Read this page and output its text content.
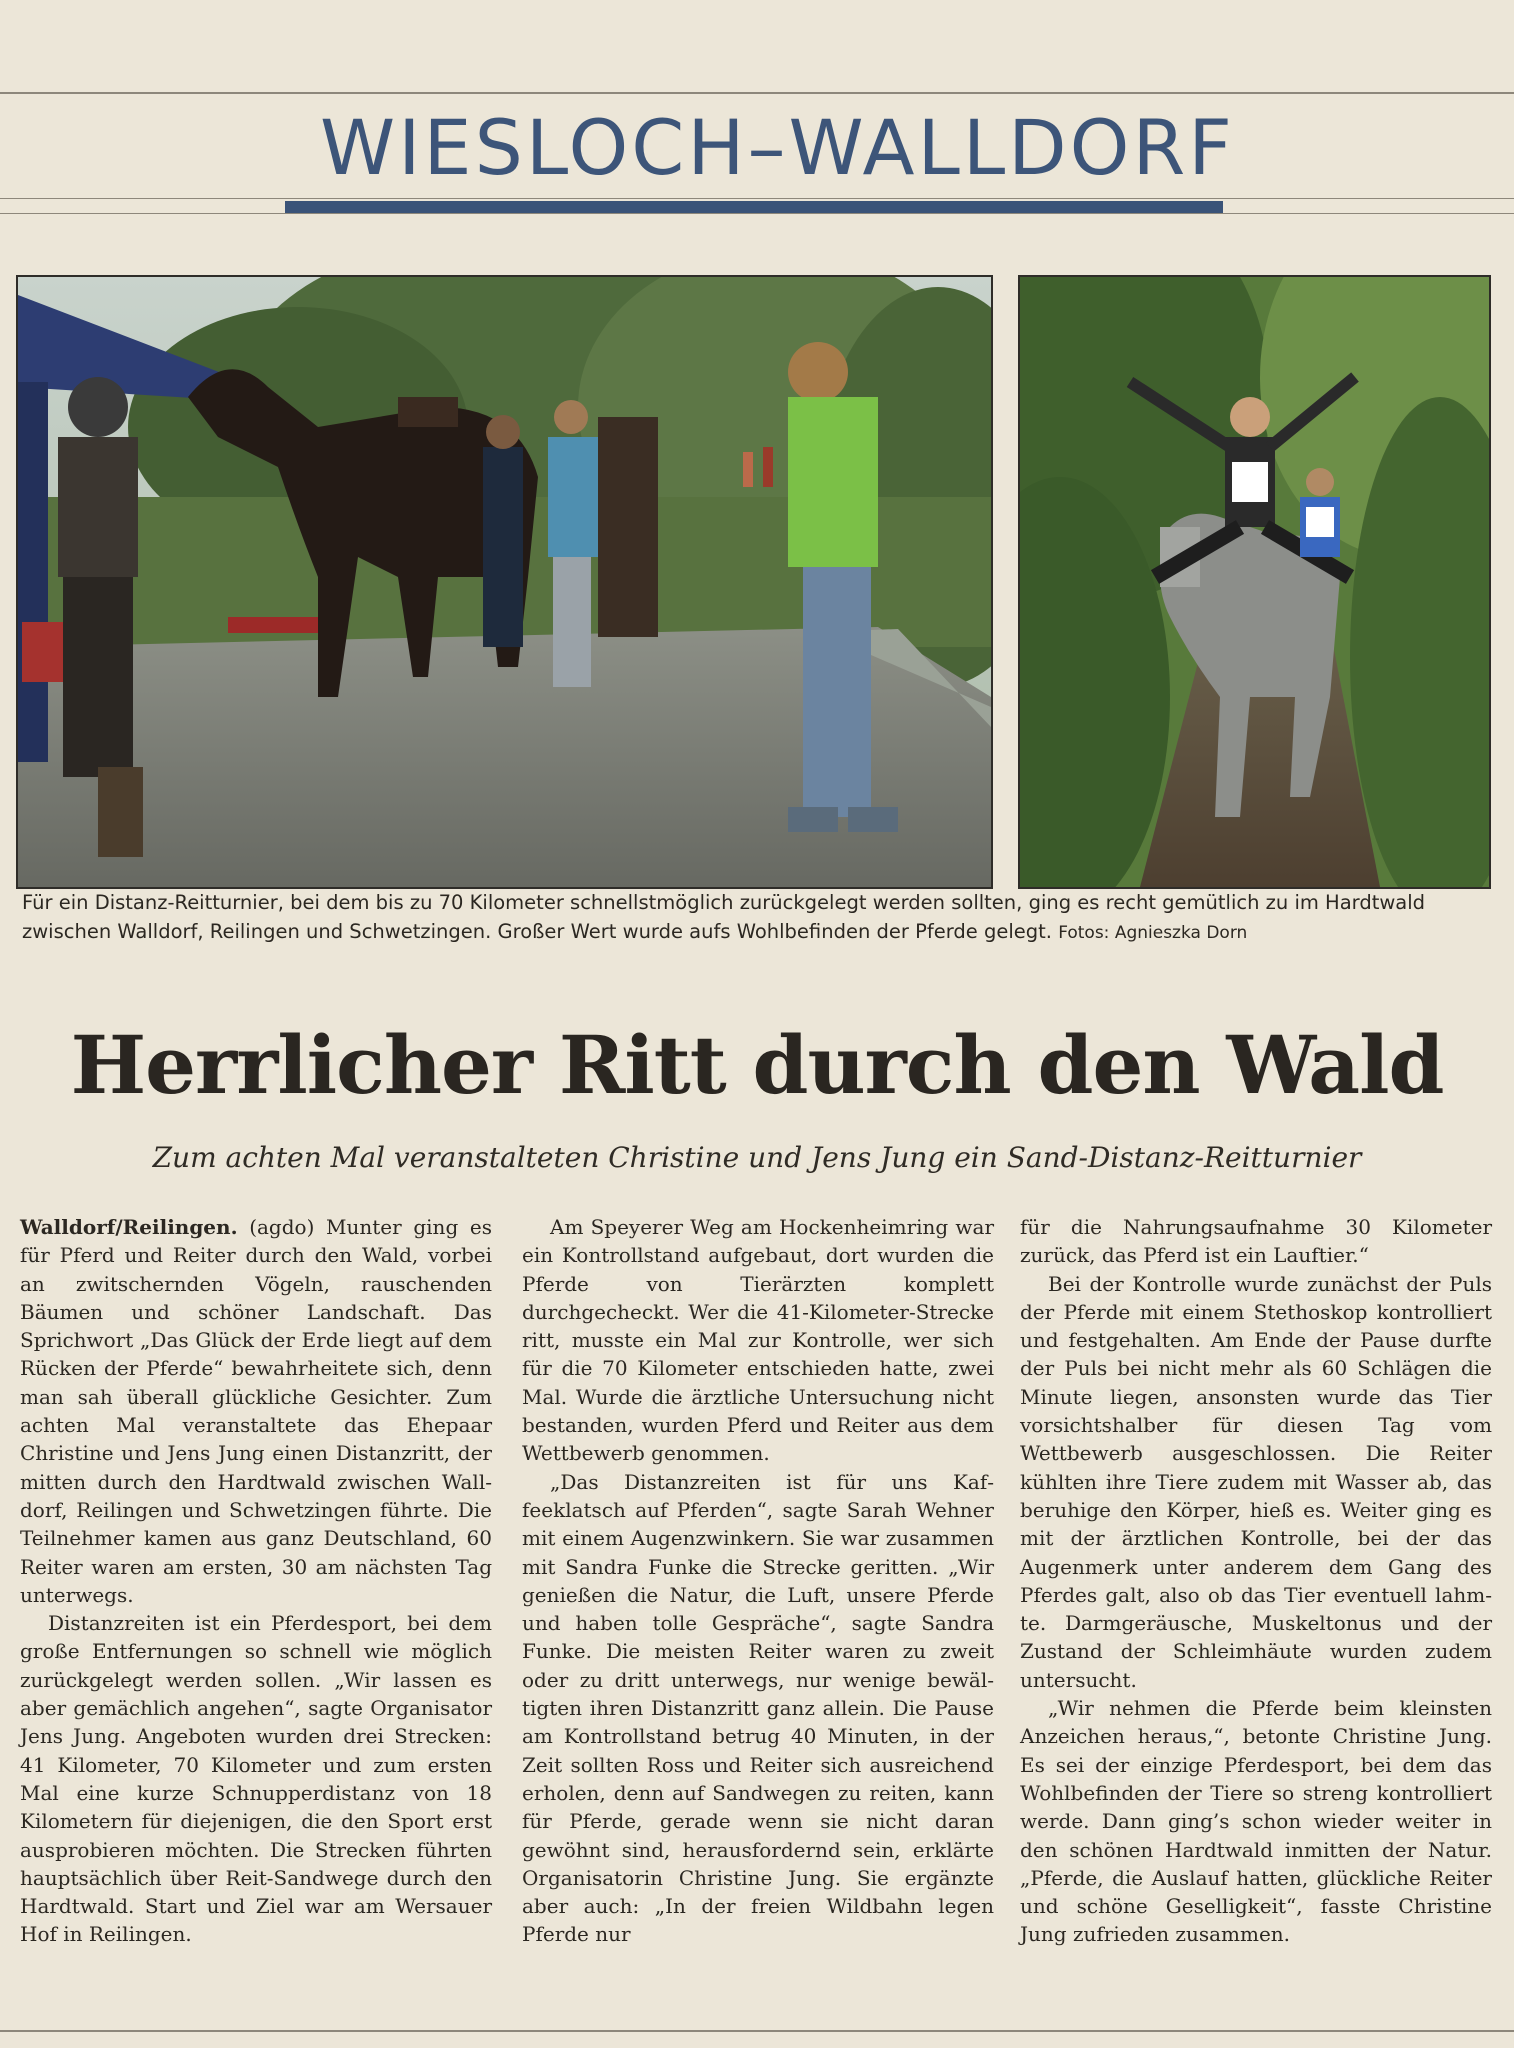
WIESLOCH–WALLDORF
Für ein Distanz-Reitturnier, bei dem bis zu 70 Kilometer schnellstmöglich zurückgelegt werden sollten, ging es recht gemütlich zu im Hardtwald zwischen Walldorf, Reilingen und Schwetzingen. Großer Wert wurde aufs Wohlbefinden der Pferde gelegt. Fotos: Agnieszka Dorn
Herrlicher Ritt durch den Wald
Zum achten Mal veranstalteten Christine und Jens Jung ein Sand-Distanz-Reitturnier

Walldorf/Reilingen. (agdo) Munter ging es für Pferd und Reiter durch den Wald, vorbei an zwitschernden Vögeln, rauschenden Bäumen und schöner Landschaft. Das Sprichwort „Das Glück der Erde liegt auf dem Rücken der Pferde“ bewahrheitete sich, denn man sah überall glückliche Gesichter. Zum achten Mal veranstaltete das Ehepaar Christine und Jens Jung einen Distanzritt, der mitten durch den Hardtwald zwischen Walldorf, Reilingen und Schwetzingen führte. Die Teilnehmer kamen aus ganz Deutschland, 60 Reiter waren am ersten, 30 am nächsten Tag unterwegs.

Distanzreiten ist ein Pferdesport, bei dem große Entfernungen so schnell wie möglich zurückgelegt werden sollen. „Wir lassen es aber gemächlich angehen“, sagte Organisator Jens Jung. Angeboten wurden drei Strecken: 41 Kilometer, 70 Kilometer und zum ersten Mal eine kurze Schnupperdistanz von 18 Kilometern für diejenigen, die den Sport erst ausprobieren möchten. Die Strecken führten hauptsächlich über Reit-Sandwege durch den Hardtwald. Start und Ziel war am Wersauer Hof in Reilingen.

Am Speyerer Weg am Hockenheimring war ein Kontrollstand aufgebaut, dort wurden die Pferde von Tierärzten komplett durchgecheckt. Wer die 41-Kilometer-Strecke ritt, musste ein Mal zur Kontrolle, wer sich für die 70 Kilometer entschieden hatte, zwei Mal. Wurde die ärztliche Untersuchung nicht bestanden, wurden Pferd und Reiter aus dem Wettbewerb genommen.

„Das Distanzreiten ist für uns Kaffeeklatsch auf Pferden“, sagte Sarah Wehner mit einem Augenzwinkern. Sie war zusammen mit Sandra Funke die Strecke geritten. „Wir genießen die Natur, die Luft, unsere Pferde und haben tolle Gespräche“, sagte Sandra Funke. Die meisten Reiter waren zu zweit oder zu dritt unterwegs, nur wenige bewältigten ihren Distanzritt ganz allein. Die Pause am Kontrollstand betrug 40 Minuten, in der Zeit sollten Ross und Reiter sich ausreichend erholen, denn auf Sandwegen zu reiten, kann für Pferde, gerade wenn sie nicht daran gewöhnt sind, herausfordernd sein, erklärte Organisatorin Christine Jung. Sie ergänzte aber auch: „In der freien Wildbahn legen Pferde nur

für die Nahrungsaufnahme 30 Kilometer zurück, das Pferd ist ein Lauftier.“

Bei der Kontrolle wurde zunächst der Puls der Pferde mit einem Stethoskop kontrolliert und festgehalten. Am Ende der Pause durfte der Puls bei nicht mehr als 60 Schlägen die Minute liegen, ansonsten wurde das Tier vorsichtshalber für diesen Tag vom Wettbewerb ausgeschlossen. Die Reiter kühlten ihre Tiere zudem mit Wasser ab, das beruhige den Körper, hieß es. Weiter ging es mit der ärztlichen Kontrolle, bei der das Augenmerk unter anderem dem Gang des Pferdes galt, also ob das Tier eventuell lahmte. Darmgeräusche, Muskeltonus und der Zustand der Schleimhäute wurden zudem untersucht.

„Wir nehmen die Pferde beim kleinsten Anzeichen heraus,“, betonte Christine Jung. Es sei der einzige Pferdesport, bei dem das Wohlbefinden der Tiere so streng kontrolliert werde. Dann ging’s schon wieder weiter in den schönen Hardtwald inmitten der Natur. „Pferde, die Auslauf hatten, glückliche Reiter und schöne Geselligkeit“, fasste Christine Jung zufrieden zusammen.
